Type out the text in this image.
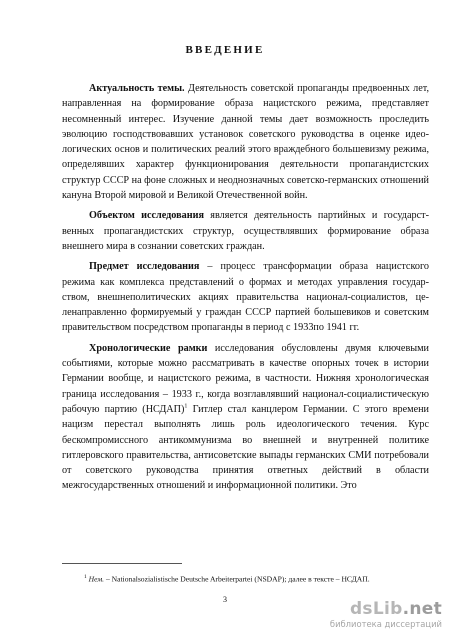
ВВЕДЕНИЕ

Актуальность темы. Деятельность советской пропаганды предвоенных лет, направленная на формирование образа нацистского режима, представляет несомненный интерес. Изучение данной темы дает возможность проследить эволюцию господствовавших установок советского руководства в оценке идеологических основ и политических реалий этого враждебного большевизму режима, определявших характер функционирования деятельности пропагандистских структур СССР на фоне сложных и неоднозначных советско-германских отношений кануна Второй мировой и Великой Отечественной войн.

Объектом исследования является деятельность партийных и государственных пропагандистских структур, осуществлявших формирование образа внешнего мира в сознании советских граждан.

Предмет исследования – процесс трансформации образа нацистского режима как комплекса представлений о формах и методах управления государством, внешнеполитических акциях правительства национал-социалистов, целенаправленно формируемый у граждан СССР партией большевиков и советским правительством посредством пропаганды в период с 1933по 1941 гг.

Хронологические рамки исследования обусловлены двумя ключевыми событиями, которые можно рассматривать в качестве опорных точек в истории Германии вообще, и нацистского режима, в частности. Нижняя хронологическая граница исследования – 1933 г., когда возглавлявший национал-социалистическую рабочую партию (НСДАП)$^1$ Гитлер стал канцлером Германии. С этого времени нацизм перестал выполнять лишь роль идеологического течения. Курс бескомпромиссного антикоммунизма во внешней и внутренней политике гитлеровского правительства, антисоветские выпады германских СМИ потребовали от советского руководства принятия ответных действий в области межгосударственных отношений и информационной политики. Это

$^1$ Нем. – Nationalsozialistische Deutsche Arbeiterpartei (NSDAP); далее в тексте – НСДАП.
3	dsLib.net
библиотека диссертаций
